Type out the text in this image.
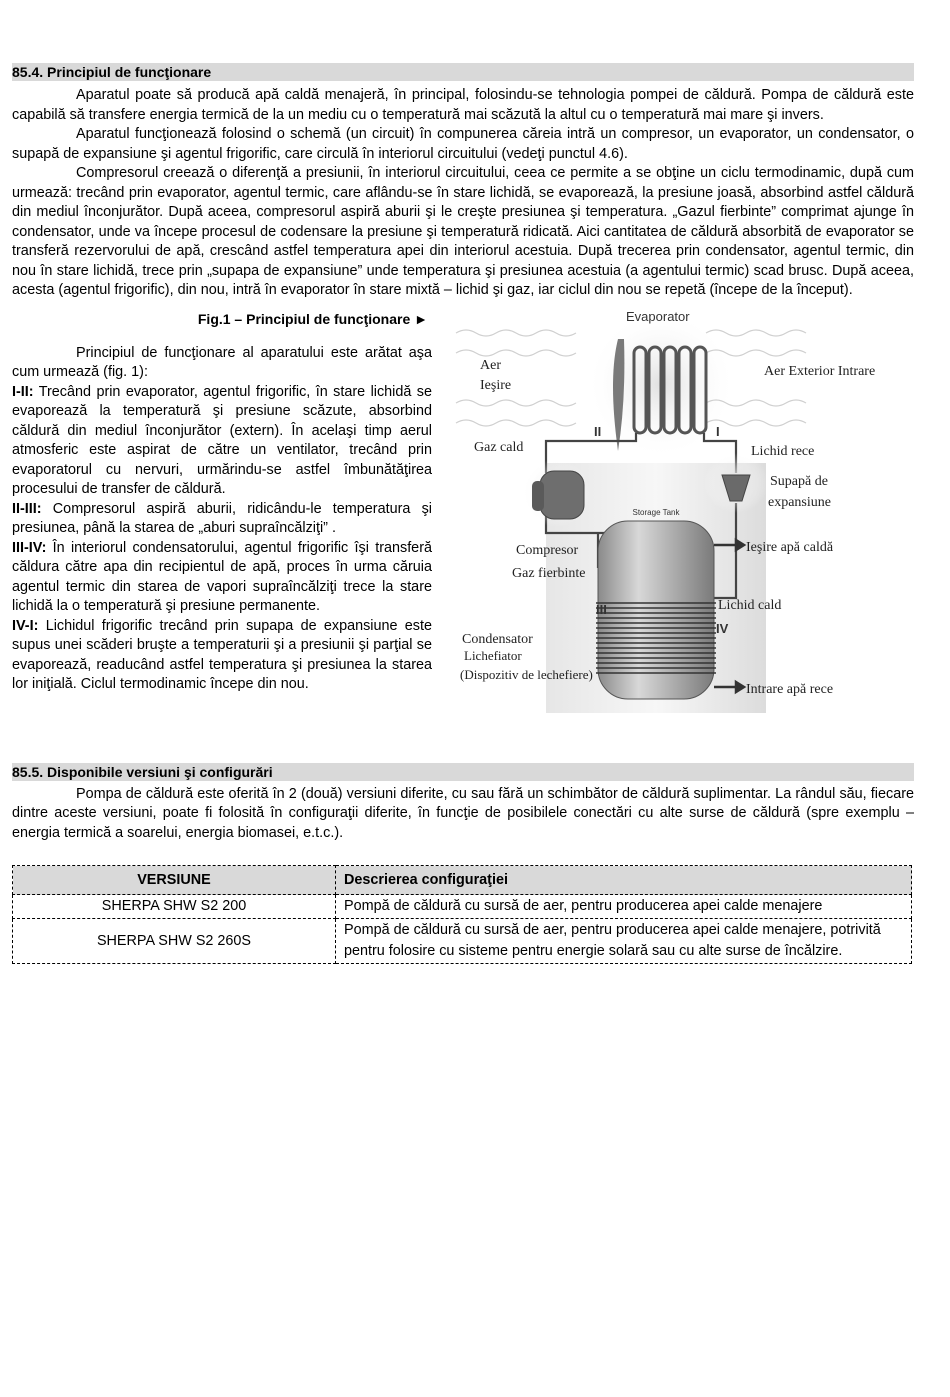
85.4. Principiul de funcţionare

Aparatul poate să producă apă caldă menajeră, în principal, folosindu-se tehnologia pompei de căldură. Pompa de căldură este capabilă să transfere energia termică de la un mediu cu o temperatură mai scăzută la altul cu o temperatură mai mare şi invers.

Aparatul funcţionează folosind o schemă (un circuit) în compunerea căreia intră un compresor, un evaporator, un condensator, o supapă de expansiune şi agentul frigorific, care circulă în interiorul circuitului (vedeţi punctul 4.6).

Compresorul creează o diferenţă a presiunii, în interiorul circuitului, ceea ce permite a se obţine un ciclu termodinamic, după cum urmează: trecând prin evaporator, agentul termic, care aflându-se în stare lichidă, se evaporează, la presiune joasă, absorbind astfel căldură din mediul înconjurător. După aceea, compresorul aspiră aburii şi le creşte presiunea şi temperatura. „Gazul fierbinte” comprimat ajunge în condensator, unde va începe procesul de codensare la presiune şi temperatură ridicată. Aici cantitatea de căldură absorbită de evaporator se transferă rezervorului de apă, crescând astfel temperatura apei din interiorul acestuia. După trecerea prin condensator, agentul termic, din nou în stare lichidă, trece prin „supapa de expansiune” unde temperatura şi presiunea acestuia (a agentului termic) scad brusc. După aceea, acesta (agentul frigorific), din nou, intră în evaporator în stare mixtă – lichid şi gaz, iar ciclul din nou se repetă (începe de la început).

Fig.1 – Principiul de funcţionare ►

Principiul de funcţionare al aparatului este arătat aşa cum urmează (fig. 1):

I-II: Trecând prin evaporator, agentul frigorific, în stare lichidă se evaporează la temperatură şi presiune scăzute, absorbind căldură din mediul înconjurător (extern). În acelaşi timp aerul atmosferic este aspirat de către un ventilator, trecând prin evaporatorul cu nervuri, urmărindu-se astfel îmbunătăţirea procesului de transfer de căldură.

II-III: Compresorul aspiră aburii, ridicându-le temperatura şi presiunea, până la starea de „aburi supraîncălziţi” .

III-IV: În interiorul condensatorului, agentul frigorific îşi transferă căldura către apa din recipientul de apă, proces în urma căruia agentul termic din starea de vapori supraîncălziţi trece la stare lichidă la o temperatură şi presiune permanente.

IV-I: Lichidul frigorific trecând prin supapa de expansiune este supus unei scăderi bruşte a temperaturii şi a presiunii şi parţial se evaporează, readucând astfel temperatura şi presiunea la starea lor iniţială. Ciclul termodinamic începe din nou.

Storage Tank
Evaporator
Aer
Ieşire
Aer Exterior Intrare
Gaz cald	Lichid rece
Supapă de
expansiune
Compresor
Gaz fierbinte
Ieşire apă caldă
Lichid cald
Condensator
Lichefiator
(Dispozitiv de lechefiere)
Intrare apă rece
II	I
III
IV
85.5. Disponibile versiuni şi configurări

Pompa de căldură este oferită în 2 (două) versiuni diferite, cu sau fără un schimbător de căldură suplimentar. La rândul său, fiecare dintre aceste versiuni, poate fi folosită în configuraţii diferite, în funcţie de posibilele conectări cu alte surse de căldură (spre exemplu – energia termică a soarelui, energia biomasei, e.t.c.).

VERSIUNE	Descrierea configuraţiei
SHERPA SHW S2 200	Pompă de căldură cu sursă de aer, pentru producerea apei calde menajere
SHERPA SHW S2 260S	Pompă de căldură cu sursă de aer, pentru producerea apei calde menajere, potrivită pentru folosire cu sisteme pentru energie solară sau cu alte surse de încălzire.
